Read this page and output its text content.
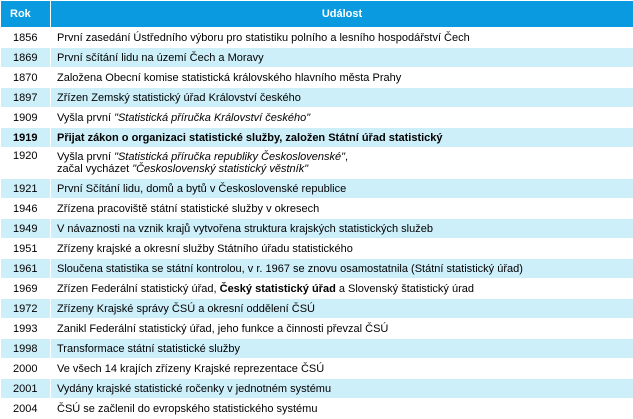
Rok	Událost
1856	První zasedání Ústředního výboru pro statistiku polního a lesního hospodářství Čech
1869	První sčítání lidu na území Čech a Moravy
1870	Založena Obecní komise statistická královského hlavního města Prahy
1897	Zřízen Zemský statistický úřad Království českého
1909	Vyšla první "Statistická příručka Království českého"
1919	Přijat zákon o organizaci statistické služby, založen Státní úřad statistický
1920	Vyšla první "Statistická příručka republiky Československé",
začal vycházet "Československý statistický věstník"

1921	První Sčítání lidu, domů a bytů v Československé republice
1946	Zřízena pracoviště státní statistické služby v okresech
1949	V návaznosti na vznik krajů vytvořena struktura krajských statistických služeb
1951	Zřízeny krajské a okresní služby Státního úřadu statistického
1961	Sloučena statistika se státní kontrolou, v r. 1967 se znovu osamostatnila (Státní statistický úřad)
1969	Zřízen Federální statistický úřad, Český statistický úřad a Slovenský štatistický úrad
1972	Zřízeny Krajské správy ČSÚ a okresní oddělení ČSÚ
1993	Zanikl Federální statistický úřad, jeho funkce a činnosti převzal ČSÚ
1998	Transformace státní statistické služby
2000	Ve všech 14 krajích zřízeny Krajské reprezentace ČSÚ
2001	Vydány krajské statistické ročenky v jednotném systému
2004	ČSÚ se začlenil do evropského statistického systému
